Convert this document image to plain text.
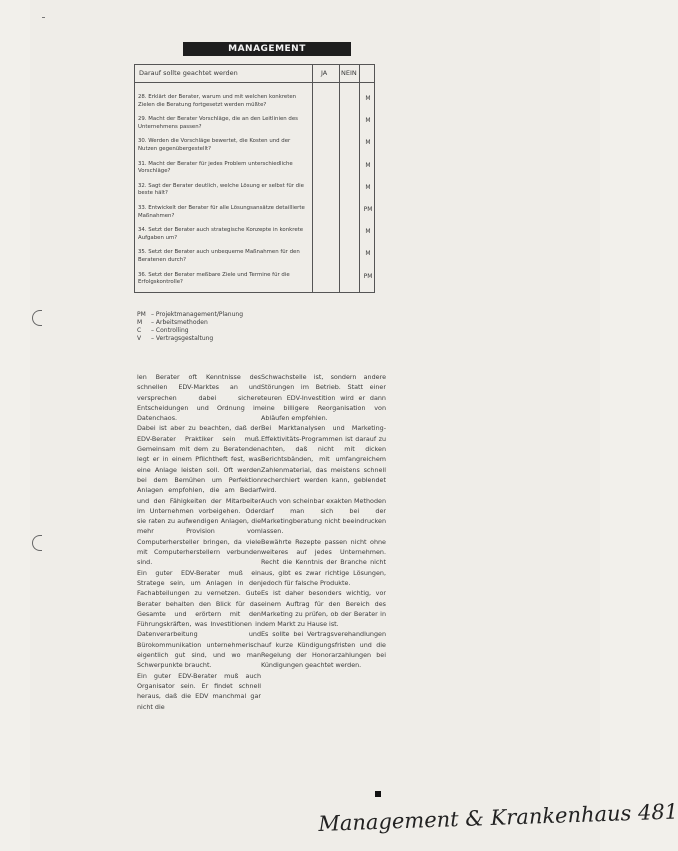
MANAGEMENT
Darauf sollte geachtet werden	JA NEIN
28. Erklärt der Berater, warum und mit welchen konkreten Zielen die Beratung fortgesetzt werden müßte?
M
29. Macht der Berater Vorschläge, die an den Leitlinien des Unternehmens passen?
M
30. Werden die Vorschläge bewertet, die Kosten und der Nutzen gegenübergestellt?
M
31. Macht der Berater für jedes Problem unterschiedliche Vorschläge?
M
32. Sagt der Berater deutlich, welche Lösung er selbst für die beste hält?
M
33. Entwickelt der Berater für alle Lösungsansätze detaillierte Maßnahmen?
PM
34. Setzt der Berater auch strategische Konzepte in konkrete Aufgaben um?
M
35. Setzt der Berater auch unbequeme Maßnahmen für den Beratenen durch?
M
36. Setzt der Berater meßbare Ziele und Termine für die Erfolgskontrolle?
PM
PM – Projektmanagement/Planung
M – Arbeitsmethoden
C – Controlling
V – Vertragsgestaltung

len Berater oft Kenntnisse des schnellen EDV-Marktes an und versprechen dabei sichere Entscheidungen und Ordnung im Datenchaos.

Dabei ist aber zu beachten, daß der EDV-Berater Praktiker sein muß. Gemeinsam mit dem zu Beratenden legt er in einem Pflichtheft fest, was eine Anlage leisten soll. Oft werden bei dem Bemühen um Perfektion Anlagen empfohlen, die am Bedarf und den Fähigkeiten der Mitarbeiter im Unternehmen vorbeigehen. Oder sie raten zu aufwendigen Anlagen, die mehr Provision vom Computerhersteller bringen, da viele mit Computerherstellern verbunden sind.

Ein guter EDV-Berater muß ein Stratege sein, um Anlagen in den Fachabteilungen zu vernetzen. Gute Berater behalten den Blick für das Gesamte und erörtern mit den Führungskräften, was Investitionen in Datenverarbeitung und Bürokommunikation unternehmerisch eigentlich gut sind, und wo man Schwerpunkte braucht.

Ein guter EDV-Berater muß auch Organisator sein. Er findet schnell heraus, daß die EDV manchmal gar nicht die

Schwachstelle ist, sondern andere Störungen im Betrieb. Statt einer teuren EDV-Investition wird er dann eine billigere Reorganisation von Abläufen empfehlen.

Bei Marktanalysen und Marketing-Effektivitäts-Programmen ist darauf zu achten, daß nicht mit dicken Berichtsbänden, mit umfangreichem Zahlenmaterial, das meistens schnell recherchiert werden kann, geblendet wird.

Auch von scheinbar exakten Methoden darf man sich bei der Marketingberatung nicht beeindrucken lassen.

Bewährte Rezepte passen nicht ohne weiteres auf jedes Unternehmen. Recht die Kenntnis der Branche nicht aus, gibt es zwar richtige Lösungen, jedoch für falsche Produkte.

Es ist daher besonders wichtig, vor einem Auftrag für den Bereich des Marketing zu prüfen, ob der Berater in dem Markt zu Hause ist.

Es sollte bei Vertragsverehandlungen auf kurze Kündigungsfristen und die Regelung der Honorarzahlungen bei Kündigungen geachtet werden.

Management & Krankenhaus 481
